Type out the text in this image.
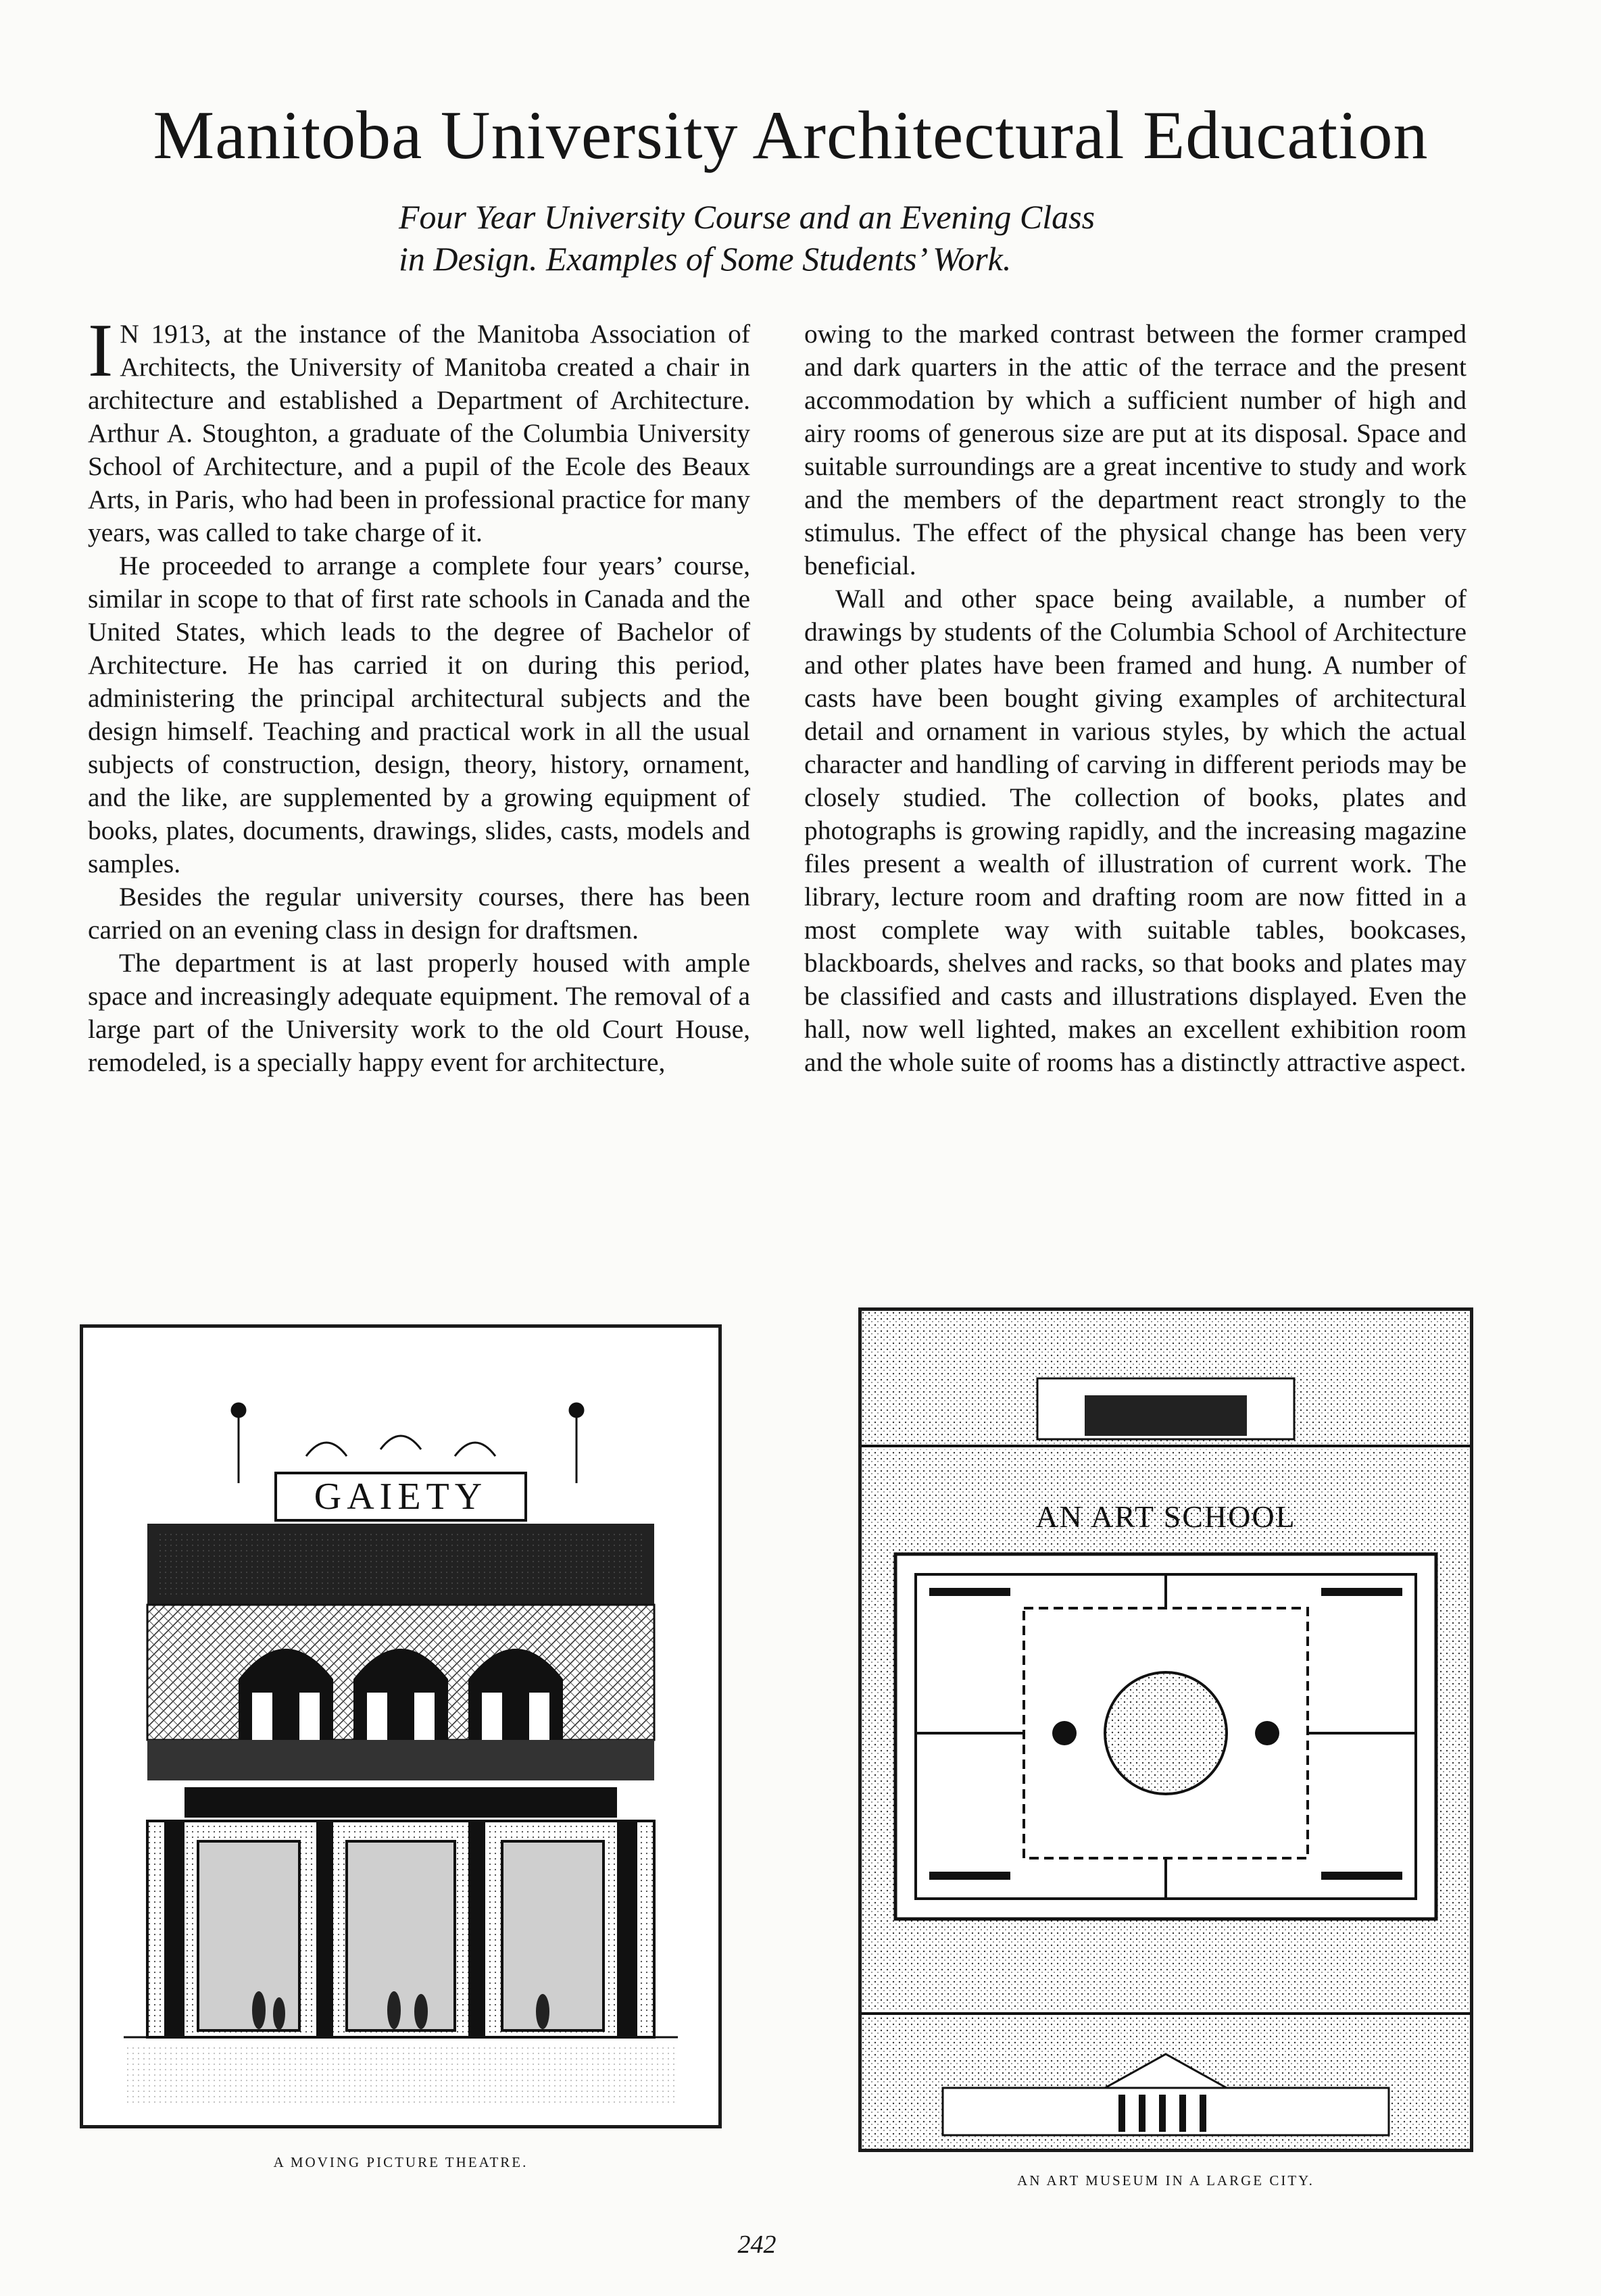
Manitoba University Architectural Education
Four Year University Course and an Evening Class
in Design. Examples of Some Students’ Work.

I N 1913, at the instance of the Manitoba Association of Architects, the University of Manitoba created a chair in architecture and established a Department of Architecture. Arthur A. Stoughton, a graduate of the Columbia University School of Architecture, and a pupil of the Ecole des Beaux Arts, in Paris, who had been in professional practice for many years, was called to take charge of it.

He proceeded to arrange a complete four years’ course, similar in scope to that of first rate schools in Canada and the United States, which leads to the degree of Bachelor of Architecture. He has carried it on during this period, administering the principal architectural subjects and the design himself. Teaching and practical work in all the usual subjects of construction, design, theory, history, ornament, and the like, are supplemented by a growing equipment of books, plates, documents, drawings, slides, casts, models and samples.

Besides the regular university courses, there has been carried on an evening class in design for draftsmen.

The department is at last properly housed with ample space and increasingly adequate equipment. The removal of a large part of the University work to the old Court House, remodeled, is a specially happy event for architecture,

owing to the marked contrast between the former cramped and dark quarters in the attic of the terrace and the present accommodation by which a sufficient number of high and airy rooms of generous size are put at its disposal. Space and suitable surroundings are a great incentive to study and work and the members of the department react strongly to the stimulus. The effect of the physical change has been very beneficial.

Wall and other space being available, a number of drawings by students of the Columbia School of Architecture and other plates have been framed and hung. A number of casts have been bought giving examples of architectural detail and ornament in various styles, by which the actual character and handling of carving in different periods may be closely studied. The collection of books, plates and photographs is growing rapidly, and the increasing magazine files present a wealth of illustration of current work. The library, lecture room and drafting room are now fitted in a most complete way with suitable tables, bookcases, blackboards, shelves and racks, so that books and plates may be classified and casts and illustrations displayed. Even the hall, now well lighted, makes an excellent exhibition room and the whole suite of rooms has a distinctly attractive aspect.

GAIETY
A MOVING PICTURE THEATRE.
AN ART SCHOOL
AN ART MUSEUM IN A LARGE CITY.
242
